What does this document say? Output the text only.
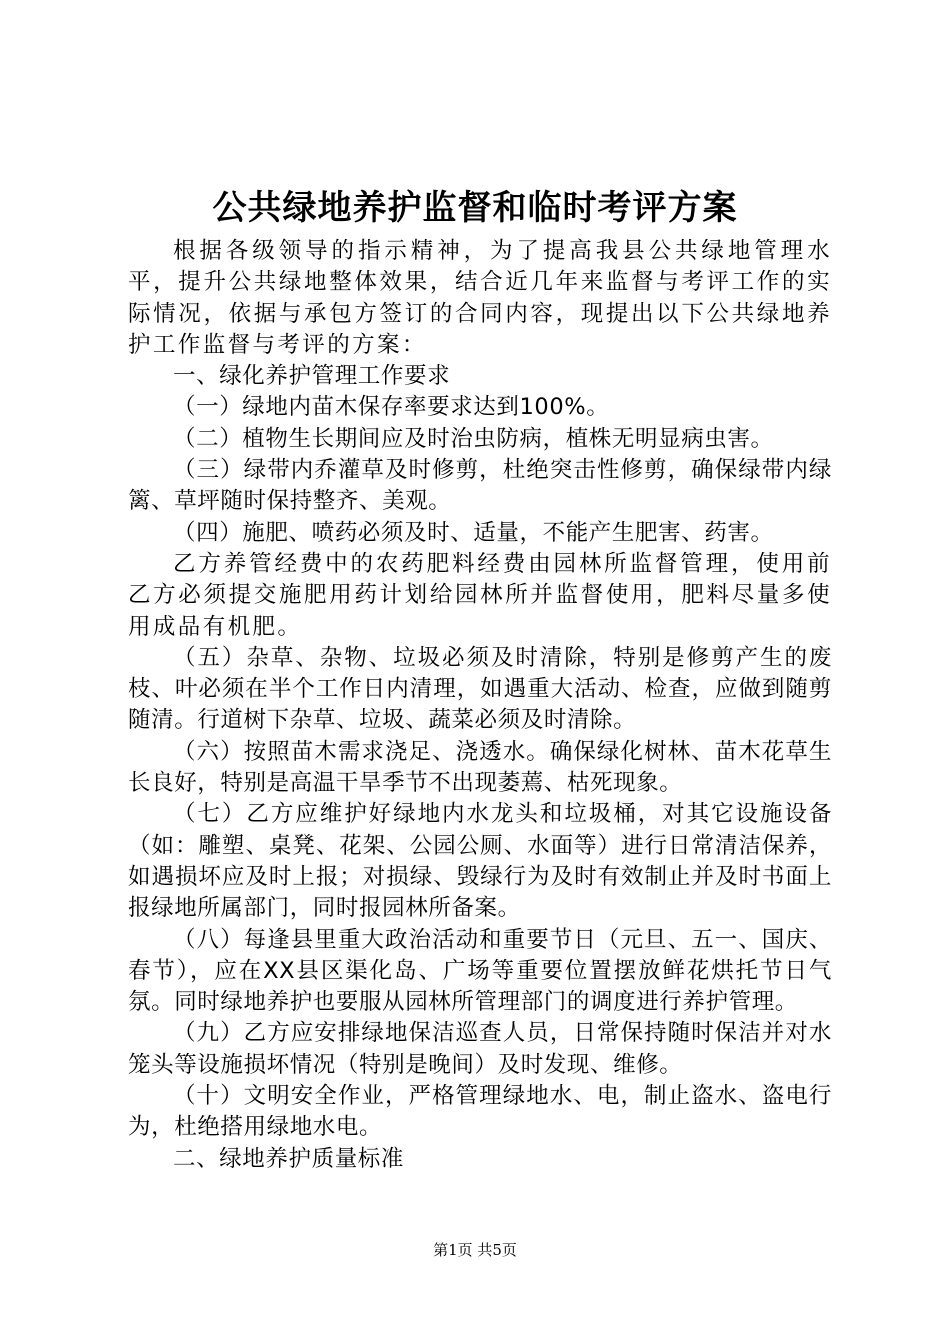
公共绿地养护监督和临时考评方案

根据各级领导的指示精神，为了提高我县公共绿地管理水平，提升公共绿地整体效果，结合近几年来监督与考评工作的实际情况，依据与承包方签订的合同内容，现提出以下公共绿地养护工作监督与考评的方案：

一、绿化养护管理工作要求

（一）绿地内苗木保存率要求达到100%。

（二）植物生长期间应及时治虫防病，植株无明显病虫害。

（三）绿带内乔灌草及时修剪，杜绝突击性修剪，确保绿带内绿篱、草坪随时保持整齐、美观。

（四）施肥、喷药必须及时、适量，不能产生肥害、药害。

乙方养管经费中的农药肥料经费由园林所监督管理，使用前乙方必须提交施肥用药计划给园林所并监督使用，肥料尽量多使用成品有机肥。

（五）杂草、杂物、垃圾必须及时清除，特别是修剪产生的废枝、叶必须在半个工作日内清理，如遇重大活动、检查，应做到随剪随清。行道树下杂草、垃圾、蔬菜必须及时清除。

（六）按照苗木需求浇足、浇透水。确保绿化树林、苗木花草生长良好，特别是高温干旱季节不出现萎蔫、枯死现象。

（七）乙方应维护好绿地内水龙头和垃圾桶，对其它设施设备（如：雕塑、桌凳、花架、公园公厕、水面等）进行日常清洁保养，如遇损坏应及时上报；对损绿、毁绿行为及时有效制止并及时书面上报绿地所属部门，同时报园林所备案。

（八）每逢县里重大政治活动和重要节日（元旦、五一、国庆、春节），应在XX县区渠化岛、广场等重要位置摆放鲜花烘托节日气氛。同时绿地养护也要服从园林所管理部门的调度进行养护管理。

（九）乙方应安排绿地保洁巡查人员，日常保持随时保洁并对水笼头等设施损坏情况（特别是晚间）及时发现、维修。

（十）文明安全作业，严格管理绿地水、电，制止盗水、盗电行为，杜绝搭用绿地水电。

二、绿地养护质量标准

第1页 共5页
